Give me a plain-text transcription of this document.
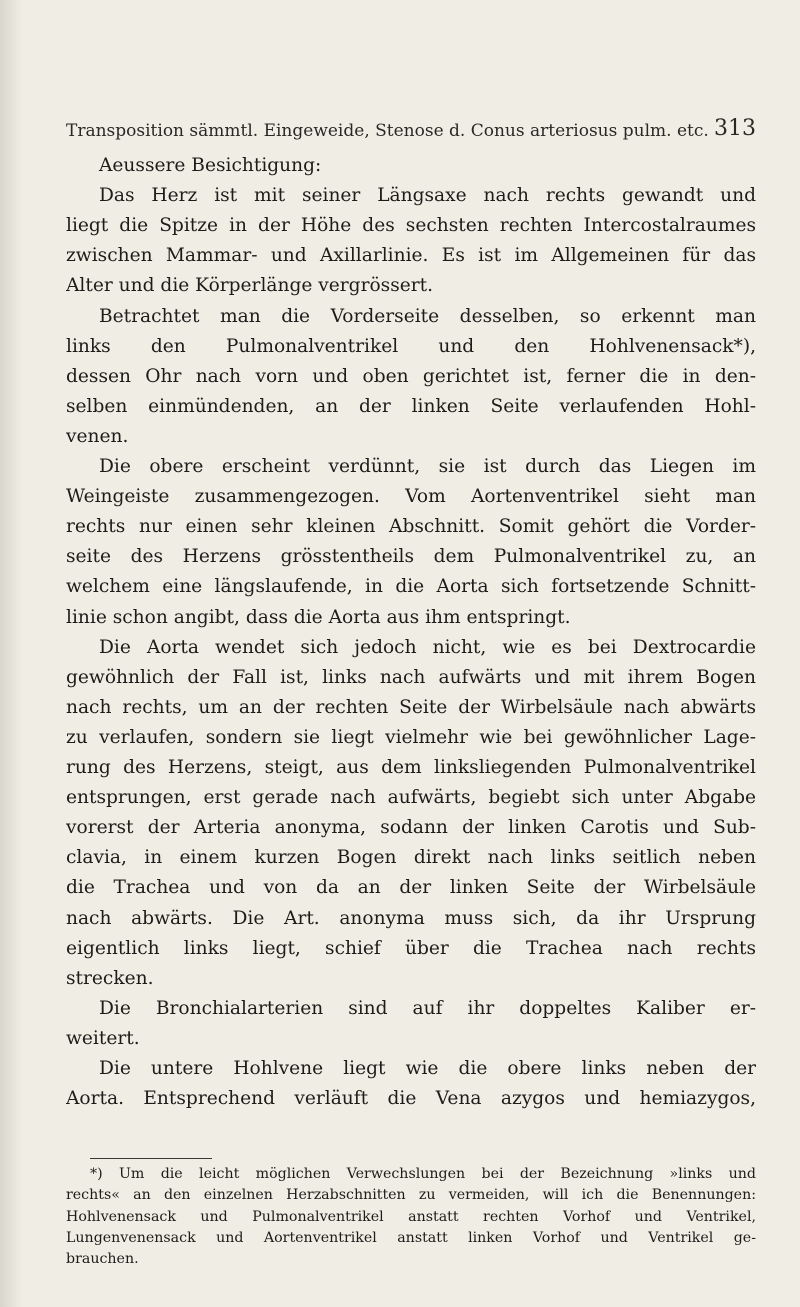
Transposition sämmtl. Eingeweide, Stenose d. Conus arteriosus pulm. etc. 313
Aeussere Besichtigung:
Das Herz ist mit seiner Längsaxe nach rechts gewandt und
liegt die Spitze in der Höhe des sechsten rechten Intercostalraumes
zwischen Mammar- und Axillarlinie. Es ist im Allgemeinen für das
Alter und die Körperlänge vergrössert.
Betrachtet man die Vorderseite desselben, so erkennt man
links den Pulmonalventrikel und den Hohlvenensack*),
dessen Ohr nach vorn und oben gerichtet ist, ferner die in den-
selben einmündenden, an der linken Seite verlaufenden Hohl-
venen.
Die obere erscheint verdünnt, sie ist durch das Liegen im
Weingeiste zusammengezogen. Vom Aortenventrikel sieht man
rechts nur einen sehr kleinen Abschnitt. Somit gehört die Vorder-
seite des Herzens grösstentheils dem Pulmonalventrikel zu, an
welchem eine längslaufende, in die Aorta sich fortsetzende Schnitt-
linie schon angibt, dass die Aorta aus ihm entspringt.
Die Aorta wendet sich jedoch nicht, wie es bei Dextrocardie
gewöhnlich der Fall ist, links nach aufwärts und mit ihrem Bogen
nach rechts, um an der rechten Seite der Wirbelsäule nach abwärts
zu verlaufen, sondern sie liegt vielmehr wie bei gewöhnlicher Lage-
rung des Herzens, steigt, aus dem linksliegenden Pulmonalventrikel
entsprungen, erst gerade nach aufwärts, begiebt sich unter Abgabe
vorerst der Arteria anonyma, sodann der linken Carotis und Sub-
clavia, in einem kurzen Bogen direkt nach links seitlich neben
die Trachea und von da an der linken Seite der Wirbelsäule
nach abwärts. Die Art. anonyma muss sich, da ihr Ursprung
eigentlich links liegt, schief über die Trachea nach rechts
strecken.
Die Bronchialarterien sind auf ihr doppeltes Kaliber er-
weitert.
Die untere Hohlvene liegt wie die obere links neben der
Aorta. Entsprechend verläuft die Vena azygos und hemiazygos,
*) Um die leicht möglichen Verwechslungen bei der Bezeichnung »links und
rechts« an den einzelnen Herzabschnitten zu vermeiden, will ich die Benennungen:
Hohlvenensack und Pulmonalventrikel anstatt rechten Vorhof und Ventrikel,
Lungenvenensack und Aortenventrikel anstatt linken Vorhof und Ventrikel ge-
brauchen.
